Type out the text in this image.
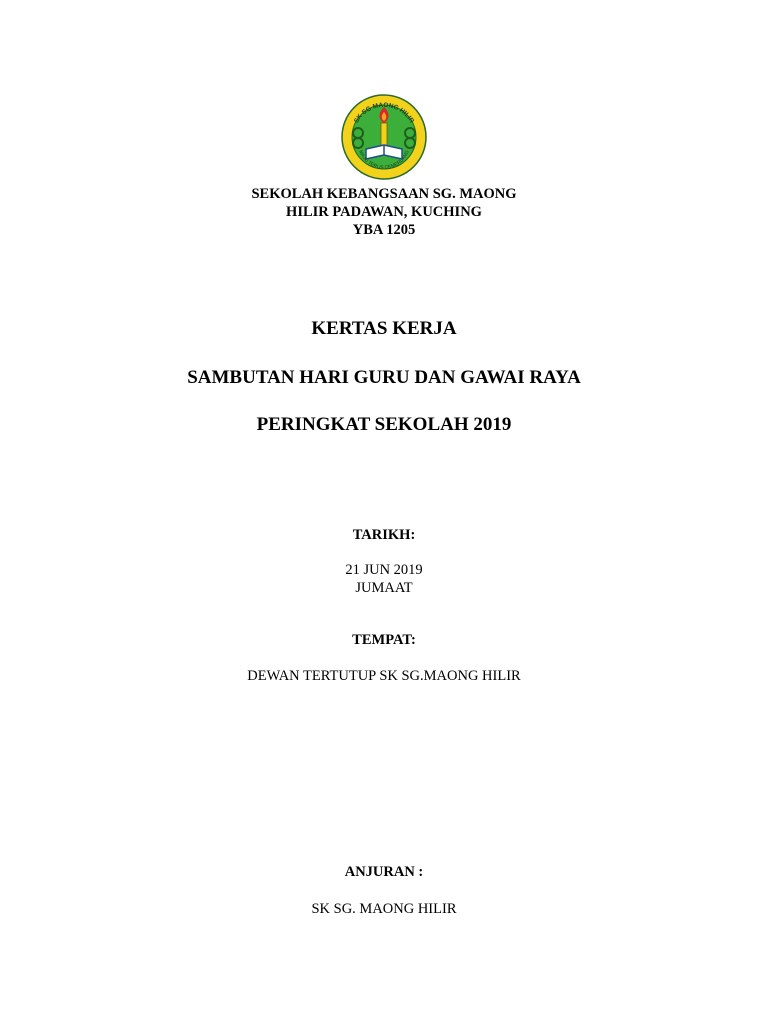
SK SG MAONG HILIR
MAJU TERUS CEMERLANG
SEKOLAH KEBANGSAAN SG. MAONG
HILIR PADAWAN, KUCHING
YBA 1205
KERTAS KERJA
SAMBUTAN HARI GURU DAN GAWAI RAYA
PERINGKAT SEKOLAH 2019
TARIKH:
21 JUN 2019
JUMAAT
TEMPAT:
DEWAN TERTUTUP SK SG.MAONG HILIR
ANJURAN :
SK SG. MAONG HILIR
